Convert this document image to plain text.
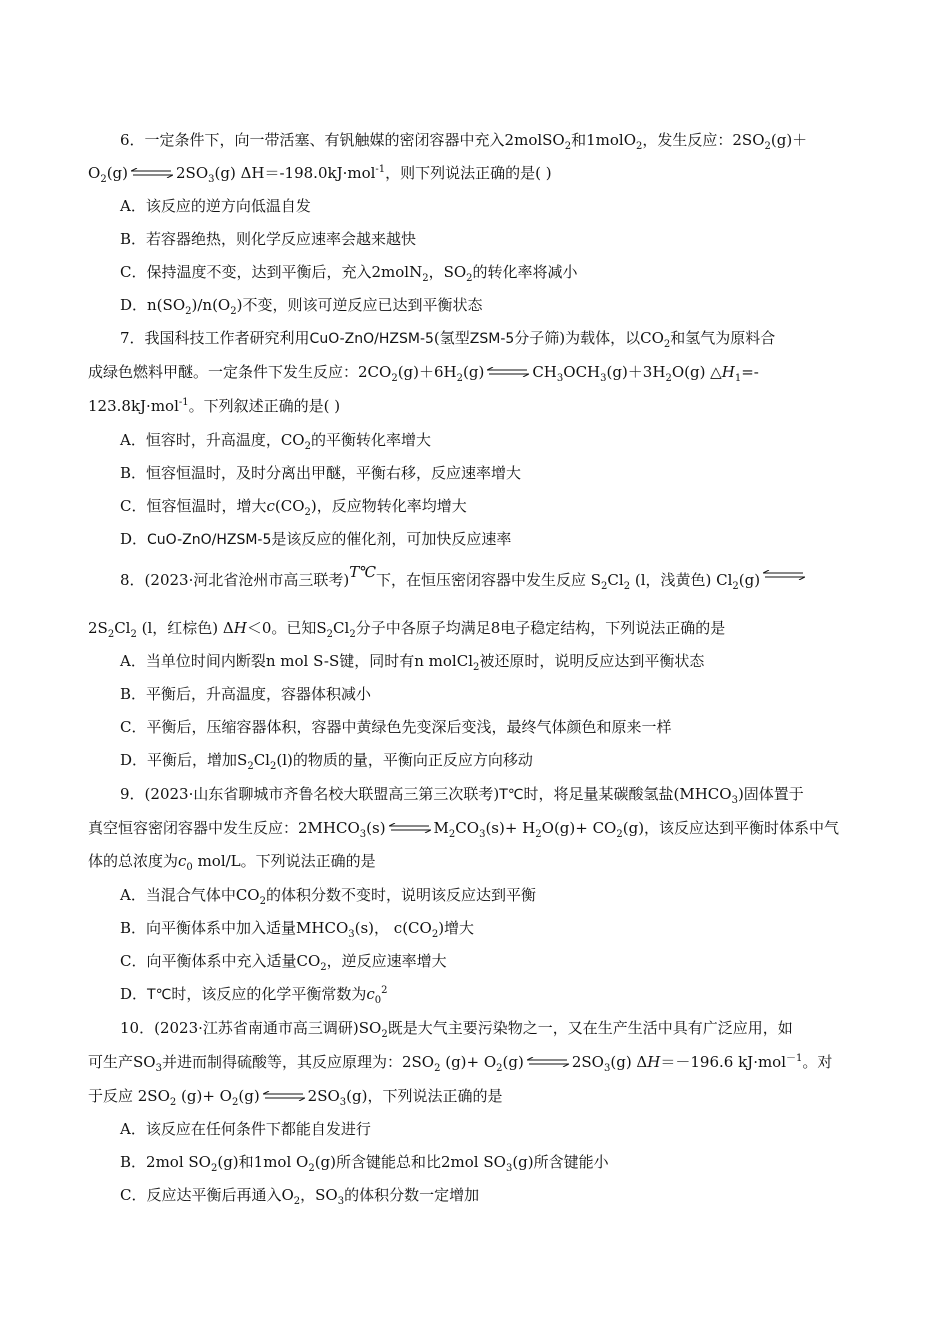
6．一定条件下，向一带活塞、有钒触媒的密闭容器中充入2molSO$_2$和1molO$_2$，发生反应：$2SO_2(g)+$
$O_2(g)$	$2SO_3(g)$ ΔH＝-198.0kJ·mol$^{-1}$，则下列说法正确的是( )
A．该反应的逆方向低温自发
B．若容器绝热，则化学反应速率会越来越快
C．保持温度不变，达到平衡后，充入2molN$_2$，$SO_2$的转化率将减小
D．$n(SO_2)/n(O_2)$不变，则该可逆反应已达到平衡状态
7．我国科技工作者研究利用CuO-ZnO/HZSM-5(氢型ZSM-5分子筛)为载体，以$CO_2$和氢气为原料合
成绿色燃料甲醚。一定条件下发生反应：$2CO_2(g)+6H_2(g)$	$CH_3OCH_3(g)+3H_2O(g)$ $\triangle H_1=-$
123.8kJ·mol$^{-1}$。下列叙述正确的是( )
A．恒容时，升高温度，$CO_2$的平衡转化率增大
B．恒容恒温时，及时分离出甲醚，平衡右移，反应速率增大
C．恒容恒温时，增大$c(CO_2)$，反应物转化率均增大
D．CuO-ZnO/HZSM-5是该反应的催化剂，可加快反应速率
8．(2023·河北省沧州市高三联考)T℃下，在恒压密闭容器中发生反应 $S_2Cl_2$ (l，浅黄色) $Cl_2(g)$
$2S_2Cl_2$ (l，红棕色) ΔH＜0。已知$S_2Cl_2$分子中各原子均满足8电子稳定结构，下列说法正确的是
A．当单位时间内断裂n mol S-S键，同时有n molCl$_2$被还原时，说明反应达到平衡状态
B．平衡后，升高温度，容器体积减小
C．平衡后，压缩容器体积，容器中黄绿色先变深后变浅，最终气体颜色和原来一样
D．平衡后，增加$S_2Cl_2(l)$的物质的量，平衡向正反应方向移动
9．(2023·山东省聊城市齐鲁名校大联盟高三第三次联考)T℃时，将足量某碳酸氢盐$(MHCO_3)$固体置于
真空恒容密闭容器中发生反应：$2MHCO_3(s)$	$M_2CO_3(s)+ H_2O(g)+ CO_2(g)$，该反应达到平衡时体系中气
体的总浓度为$c_0$ mol/L。下列说法正确的是
A．当混合气体中$CO_2$的体积分数不变时，说明该反应达到平衡
B．向平衡体系中加入适量$MHCO_3(s)$， $c(CO_2)$增大
C．向平衡体系中充入适量$CO_2$，逆反应速率增大
D．T℃时，该反应的化学平衡常数为$c_0^2$
10．(2023·江苏省南通市高三调研)$SO_2$既是大气主要污染物之一，又在生产生活中具有广泛应用，如
可生产$SO_3$并进而制得硫酸等，其反应原理为：$2SO_2$ $(g)+ O_2(g)$	$2SO_3(g)$ ΔH＝－196.6 kJ·mol$^{-1}$。对
于反应 $2SO_2$ $(g)+ O_2(g)$	$2SO_3(g)$，下列说法正确的是
A．该反应在任何条件下都能自发进行
B．2mol $SO_2(g)$和1mol $O_2(g)$所含键能总和比2mol $SO_3(g)$所含键能小
C．反应达平衡后再通入$O_2$，$SO_3$的体积分数一定增加
